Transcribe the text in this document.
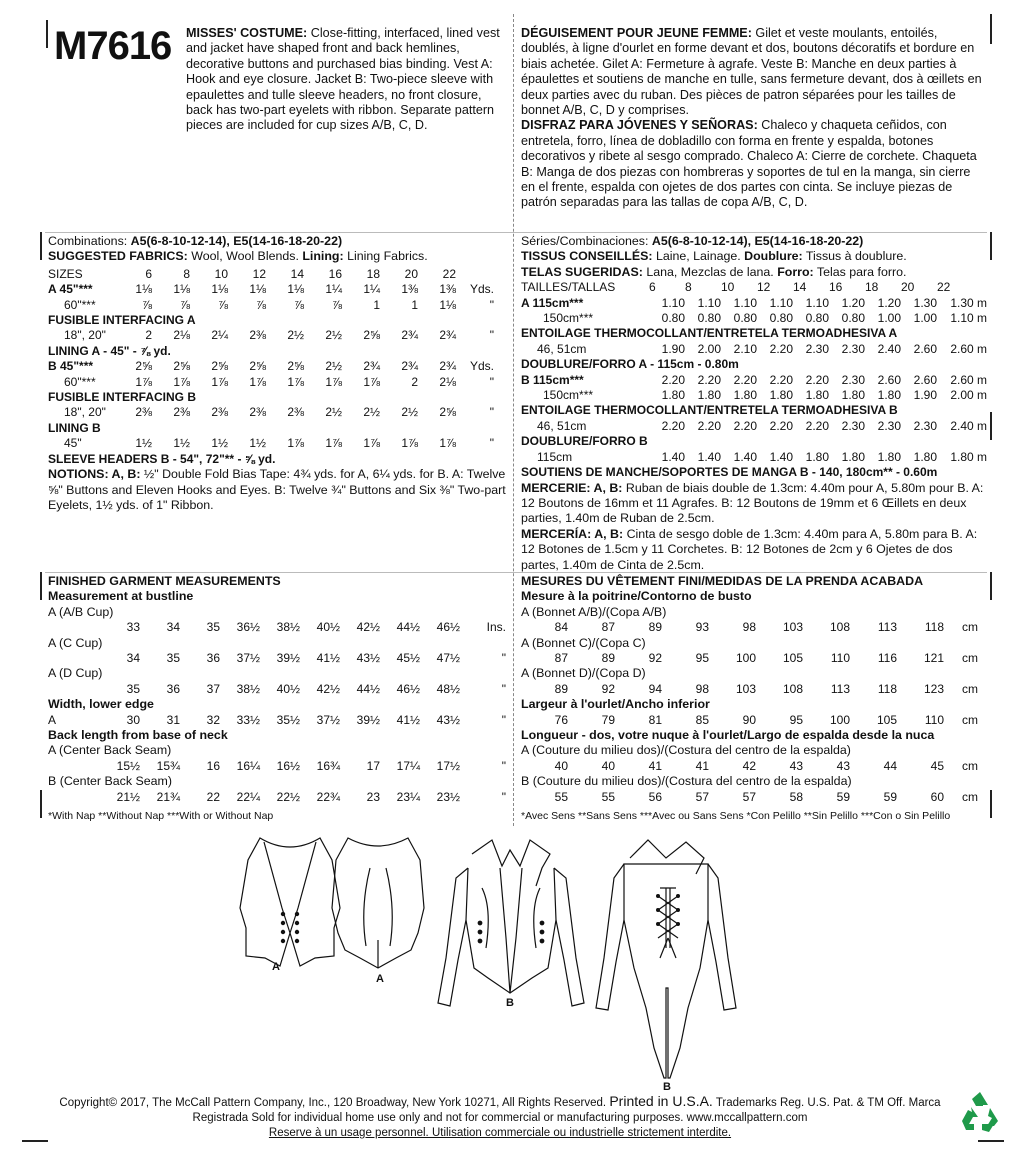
M7616 MISSES' COSTUME: Close-fitting, interfaced, lined vest and jacket have shaped front and back hemlines, decorative buttons and purchased bias binding. Vest A: Hook and eye closure. Jacket B: Two-piece sleeve with epaulettes and tulle sleeve headers, no front closure, back has two-part eyelets with ribbon. Separate pattern pieces are included for cup sizes A/B, C, D.

DÉGUISEMENT POUR JEUNE FEMME: Gilet et veste moulants, entoilés, doublés, à ligne d'ourlet en forme devant et dos, boutons décoratifs et bordure en biais achetée. Gilet A: Fermeture à agrafe. Veste B: Manche en deux parties à épaulettes et soutiens de manche en tulle, sans fermeture devant, dos à œillets en deux parties avec du ruban. Des pièces de patron séparées pour les tailles de bonnet A/B, C, D y comprises.

DISFRAZ PARA JÓVENES Y SEÑORAS: Chaleco y chaqueta ceñidos, con entretela, forro, línea de dobladillo con forma en frente y espalda, botones decorativos y ribete al sesgo comprado. Chaleco A: Cierre de corchete. Chaqueta B: Manga de dos piezas con hombreras y soportes de tul en la manga, sin cierre en el frente, espalda con ojetes de dos partes con cinta. Se incluye piezas de patrón separadas para las tallas de copa A/B, C, D.

Combinations: A5(6-8-10-12-14), E5(14-16-18-20-22)

SUGGESTED FABRICS: Wool, Wool Blends. Lining: Lining Fabrics.

SIZES	6	8	10	12	14	16	18	20	22	
A 45"***	1⅛	1⅛	1⅛	1⅛	1⅛	1¼	1¼	1⅜	1⅜	Yds.
60"***	⅞	⅞	⅞	⅞	⅞	⅞	1	1	1⅛	"
FUSIBLE INTERFACING A										
18", 20"	2	2⅛	2¼	2⅜	2½	2½	2⅝	2¾	2¾	"
LINING A - 45" - ⅞ yd.										
B 45"***	2⅝	2⅝	2⅝	2⅝	2⅝	2½	2¾	2¾	2¾	Yds.
60"***	1⅞	1⅞	1⅞	1⅞	1⅞	1⅞	1⅞	2	2⅛	"
FUSIBLE INTERFACING B										
18", 20"	2⅜	2⅜	2⅜	2⅜	2⅜	2½	2½	2½	2⅝	"
LINING B										
45"	1½	1½	1½	1½	1⅞	1⅞	1⅞	1⅞	1⅞	"
SLEEVE HEADERS B - 54", 72"** - ⅝ yd.										

NOTIONS: A, B: ½" Double Fold Bias Tape: 4¾ yds. for A, 6¼ yds. for B. A: Twelve ⅝" Buttons and Eleven Hooks and Eyes. B: Twelve ¾" Buttons and Six ⅜" Two-part Eyelets, 1½ yds. of 1" Ribbon.

Séries/Combinaciones: A5(6-8-10-12-14), E5(14-16-18-20-22)

TISSUS CONSEILLÉS: Laine, Lainage. Doublure: Tissus à doublure.

TELAS SUGERIDAS: Lana, Mezclas de lana. Forro: Telas para forro.

TAILLES/TALLAS	6	8	10	12	14	16	18	20	22
A 115cm***	1.10	1.10	1.10	1.10	1.10	1.20	1.20	1.30	1.30 m
150cm***	0.80	0.80	0.80	0.80	0.80	0.80	1.00	1.00	1.10 m
ENTOILAGE THERMOCOLLANT/ENTRETELA TERMOADHESIVA A									
46, 51cm	1.90	2.00	2.10	2.20	2.30	2.30	2.40	2.60	2.60 m
DOUBLURE/FORRO A - 115cm - 0.80m									
B 115cm***	2.20	2.20	2.20	2.20	2.20	2.30	2.60	2.60	2.60 m
150cm***	1.80	1.80	1.80	1.80	1.80	1.80	1.80	1.90	2.00 m
ENTOILAGE THERMOCOLLANT/ENTRETELA TERMOADHESIVA B									
46, 51cm	2.20	2.20	2.20	2.20	2.20	2.30	2.30	2.30	2.40 m
DOUBLURE/FORRO B									
115cm	1.40	1.40	1.40	1.40	1.80	1.80	1.80	1.80	1.80 m
SOUTIENS DE MANCHE/SOPORTES DE MANGA B - 140, 180cm** - 0.60m									

MERCERIE: A, B: Ruban de biais double de 1.3cm: 4.40m pour A, 5.80m pour B. A: 12 Boutons de 16mm et 11 Agrafes. B: 12 Boutons de 19mm et 6 Œillets en deux parties, 1.40m de Ruban de 2.5cm.

MERCERÍA: A, B: Cinta de sesgo doble de 1.3cm: 4.40m para A, 5.80m para B. A: 12 Botones de 1.5cm y 11 Corchetes. B: 12 Botones de 2cm y 6 Ojetes de dos partes, 1.40m de Cinta de 2.5cm.

FINISHED GARMENT MEASUREMENTS

Measurement at bustline

A (A/B Cup)

	33	34	35	36½	38½	40½	42½	44½	46½	Ins.

A (C Cup)

	34	35	36	37½	39½	41½	43½	45½	47½	"

A (D Cup)

	35	36	37	38½	40½	42½	44½	46½	48½	"

Width, lower edge

A	30	31	32	33½	35½	37½	39½	41½	43½	"

Back length from base of neck

A (Center Back Seam)

	15½	15¾	16	16¼	16½	16¾	17	17¼	17½	"

B (Center Back Seam)

	21½	21¾	22	22¼	22½	22¾	23	23¼	23½	"

*With Nap **Without Nap ***With or Without Nap

MESURES DU VÊTEMENT FINI/MEDIDAS DE LA PRENDA ACABADA

Mesure à la poitrine/Contorno de busto

A (Bonnet A/B)/(Copa A/B)

	84	87	89	93	98	103	108	113	118	cm

A (Bonnet C)/(Copa C)

	87	89	92	95	100	105	110	116	121	cm

A (Bonnet D)/(Copa D)

	89	92	94	98	103	108	113	118	123	cm

Largeur à l'ourlet/Ancho inferior

	76	79	81	85	90	95	100	105	110	cm

Longueur - dos, votre nuque à l'ourlet/Largo de espalda desde la nuca

A (Couture du milieu dos)/(Costura del centro de la espalda)

	40	40	41	41	42	43	43	44	45	cm

B (Couture du milieu dos)/(Costura del centro de la espalda)

	55	55	56	57	57	58	59	59	60	cm

*Avec Sens **Sans Sens ***Avec ou Sans Sens *Con Pelillo **Sin Pelillo ***Con o Sin Pelillo

A
A
B
B

Copyright© 2017, The McCall Pattern Company, Inc., 120 Broadway, New York 10271, All Rights Reserved. Printed in U.S.A. Trademarks Reg. U.S. Pat. & TM Off. Marca

Registrada Sold for individual home use only and not for commercial or manufacturing purposes. www.mccallpattern.com

Reserve à un usage personnel. Utilisation commerciale ou industrielle strictement interdite.
